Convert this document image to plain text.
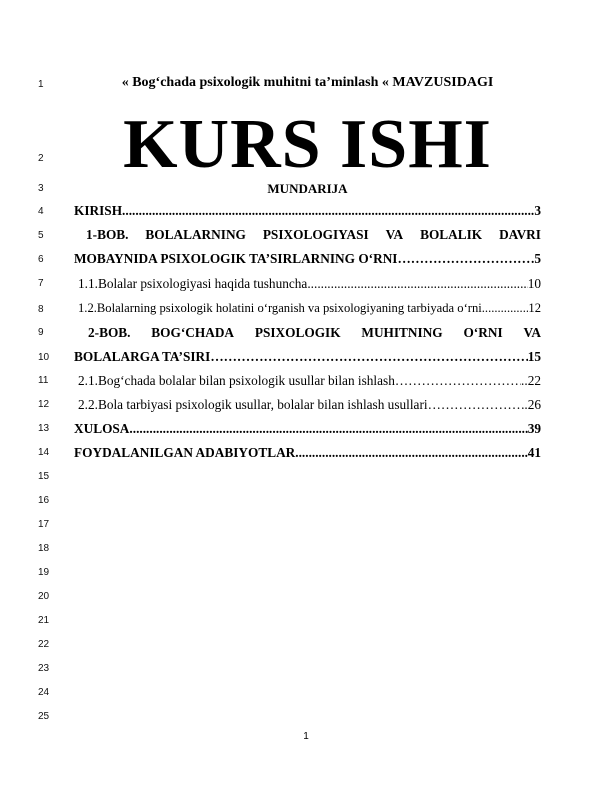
1
2
3
4
5
6
7
8
9
10
11
12
13
14
15
16
17
18
19
20
21
22
23
24
25
« Bog‘chada psixologik muhitni ta’minlash « MAVZUSIDAGI
KURS ISHI
MUNDARIJA
KIRISH .....	3
1-BOB. BOLALARNING PSIXOLOGIYASI VA BOLALIK DAVRI
MOBAYNIDA PSIXOLOGIK TA’SIRLARNING O‘RNI ………………………………………………………………………………………………………………………	5
1.1.Bolalar psixologiyasi haqida tushuncha .....	10
1.2.Bolalarning psixologik holatini o‘rganish va psixologiyaning tarbiyada o‘rni.. .....	12
2-BOB. BOG‘CHADA PSIXOLOGIK MUHITNING O‘RNI VA
BOLALARGA TA’SIRI ………………………………………………………………………………………………………………………	15
2.1.Bog‘chada bolalar bilan psixologik usullar bilan ishlash ………………………………………………………………………………………………………………………	..22
2.2.Bola tarbiyasi psixologik usullar, bolalar bilan ishlash usullari ………………………………………………………………………………………………………………………	.26
XULOSA .....	39
FOYDALANILGAN ADABIYOTLAR .....	41
1
